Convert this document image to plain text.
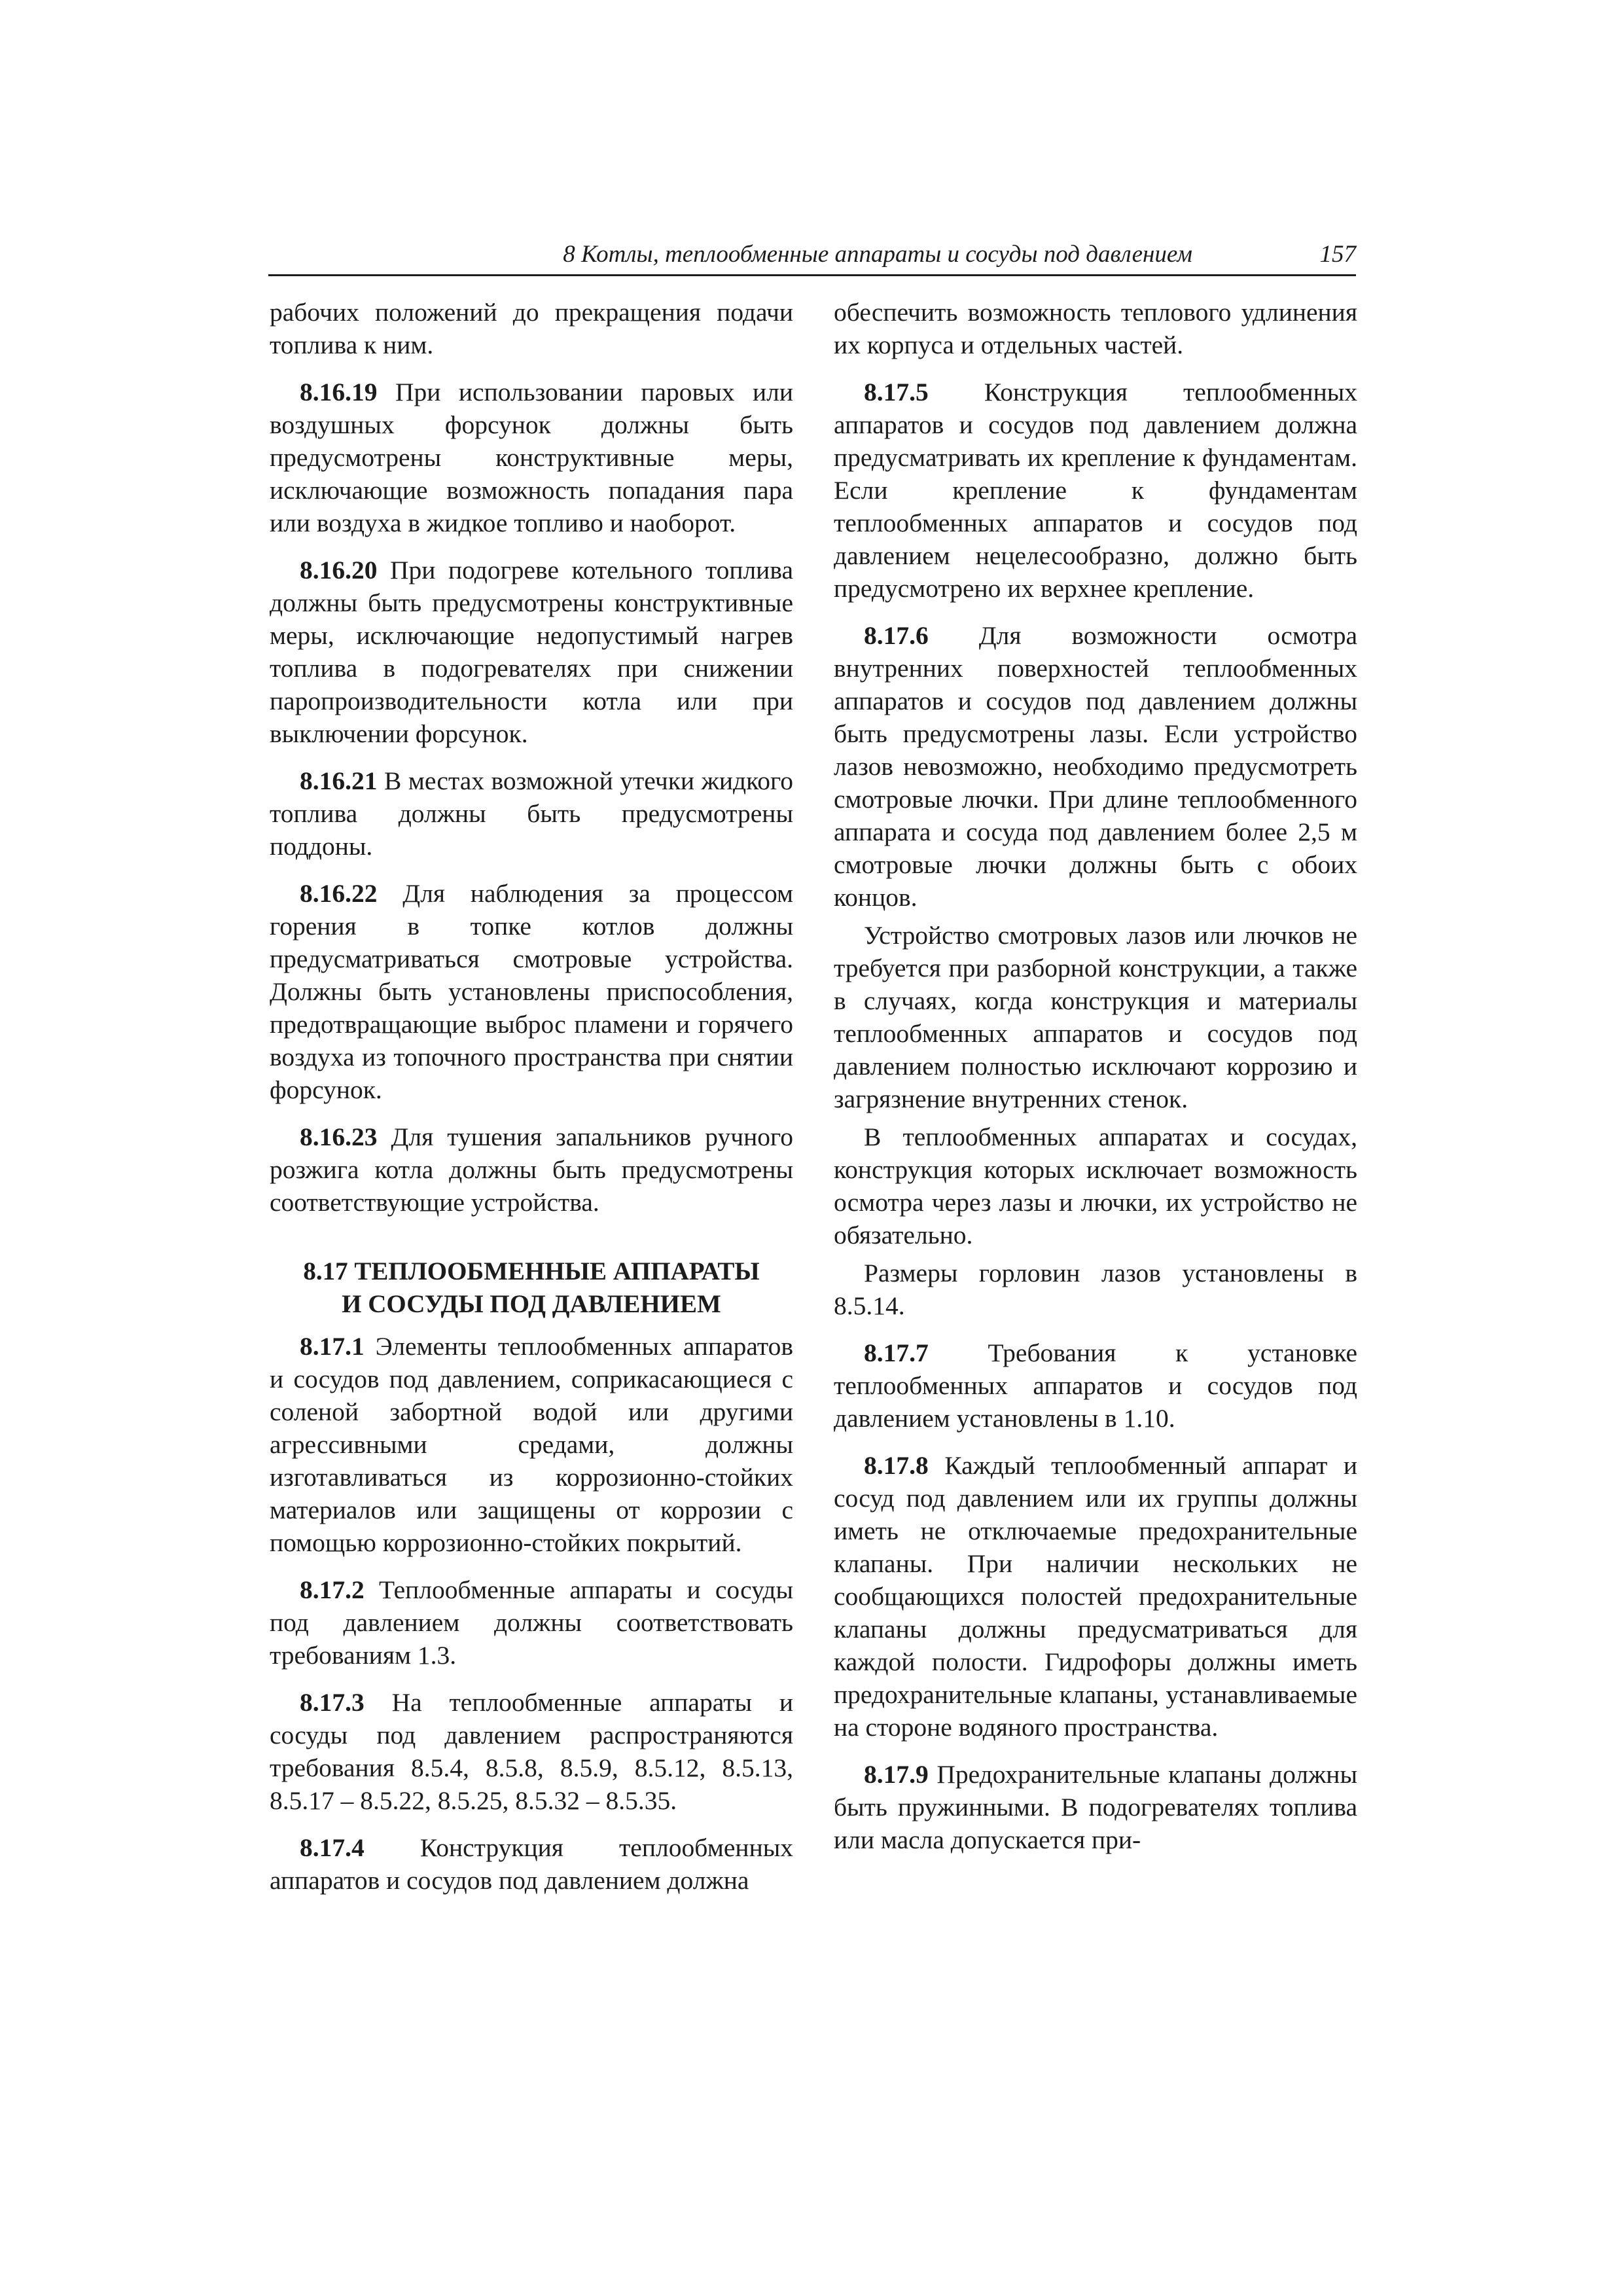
8 Котлы, теплообменные аппараты и сосуды под давлением	157

рабочих положений до прекращения подачи топлива к ним.

8.16.19 При использовании паровых или воздушных форсунок должны быть предусмотрены конструктивные меры, исключающие возможность попадания пара или воздуха в жидкое топливо и наоборот.

8.16.20 При подогреве котельного топлива должны быть предусмотрены конструктивные меры, исключающие недопустимый нагрев топлива в подогревателях при снижении паропроизводительности котла или при выключении форсунок.

8.16.21 В местах возможной утечки жидкого топлива должны быть предусмотрены поддоны.

8.16.22 Для наблюдения за процессом горения в топке котлов должны предусматриваться смотровые устройства. Должны быть установлены приспособления, предотвращающие выброс пламени и горячего воздуха из топочного пространства при снятии форсунок.

8.16.23 Для тушения запальников ручного розжига котла должны быть предусмотрены соответствующие устройства.

8.17 ТЕПЛООБМЕННЫЕ АППАРАТЫ
И СОСУДЫ ПОД ДАВЛЕНИЕМ

8.17.1 Элементы теплообменных аппаратов и сосудов под давлением, соприкасающиеся с соленой забортной водой или другими агрессивными средами, должны изготавливаться из коррозионно-стойких материалов или защищены от коррозии с помощью коррозионно-стойких покрытий.

8.17.2 Теплообменные аппараты и сосуды под давлением должны соответствовать требованиям 1.3.

8.17.3 На теплообменные аппараты и сосуды под давлением распространяются требования 8.5.4, 8.5.8, 8.5.9, 8.5.12, 8.5.13, 8.5.17 – 8.5.22, 8.5.25, 8.5.32 – 8.5.35.

8.17.4 Конструкция теплообменных аппаратов и сосудов под давлением должна

обеспечить возможность теплового удлинения их корпуса и отдельных частей.

8.17.5 Конструкция теплообменных аппаратов и сосудов под давлением должна предусматривать их крепление к фундаментам. Если крепление к фундаментам теплообменных аппаратов и сосудов под давлением нецелесообразно, должно быть предусмотрено их верхнее крепление.

8.17.6 Для возможности осмотра внутренних поверхностей теплообменных аппаратов и сосудов под давлением должны быть предусмотрены лазы. Если устройство лазов невозможно, необходимо предусмотреть смотровые лючки. При длине теплообменного аппарата и сосуда под давлением более 2,5 м смотровые лючки должны быть с обоих концов.

Устройство смотровых лазов или лючков не требуется при разборной конструкции, а также в случаях, когда конструкция и материалы теплообменных аппаратов и сосудов под давлением полностью исключают коррозию и загрязнение внутренних стенок.

В теплообменных аппаратах и сосудах, конструкция которых исключает возможность осмотра через лазы и лючки, их устройство не обязательно.

Размеры горловин лазов установлены в 8.5.14.

8.17.7 Требования к установке теплообменных аппаратов и сосудов под давлением установлены в 1.10.

8.17.8 Каждый теплообменный аппарат и сосуд под давлением или их группы должны иметь не отключаемые предохранительные клапаны. При наличии нескольких не сообщающихся полостей предохранительные клапаны должны предусматриваться для каждой полости. Гидрофоры должны иметь предохранительные клапаны, устанавливаемые на стороне водяного пространства.

8.17.9 Предохранительные клапаны должны быть пружинными. В подогревателях топлива или масла допускается при-
